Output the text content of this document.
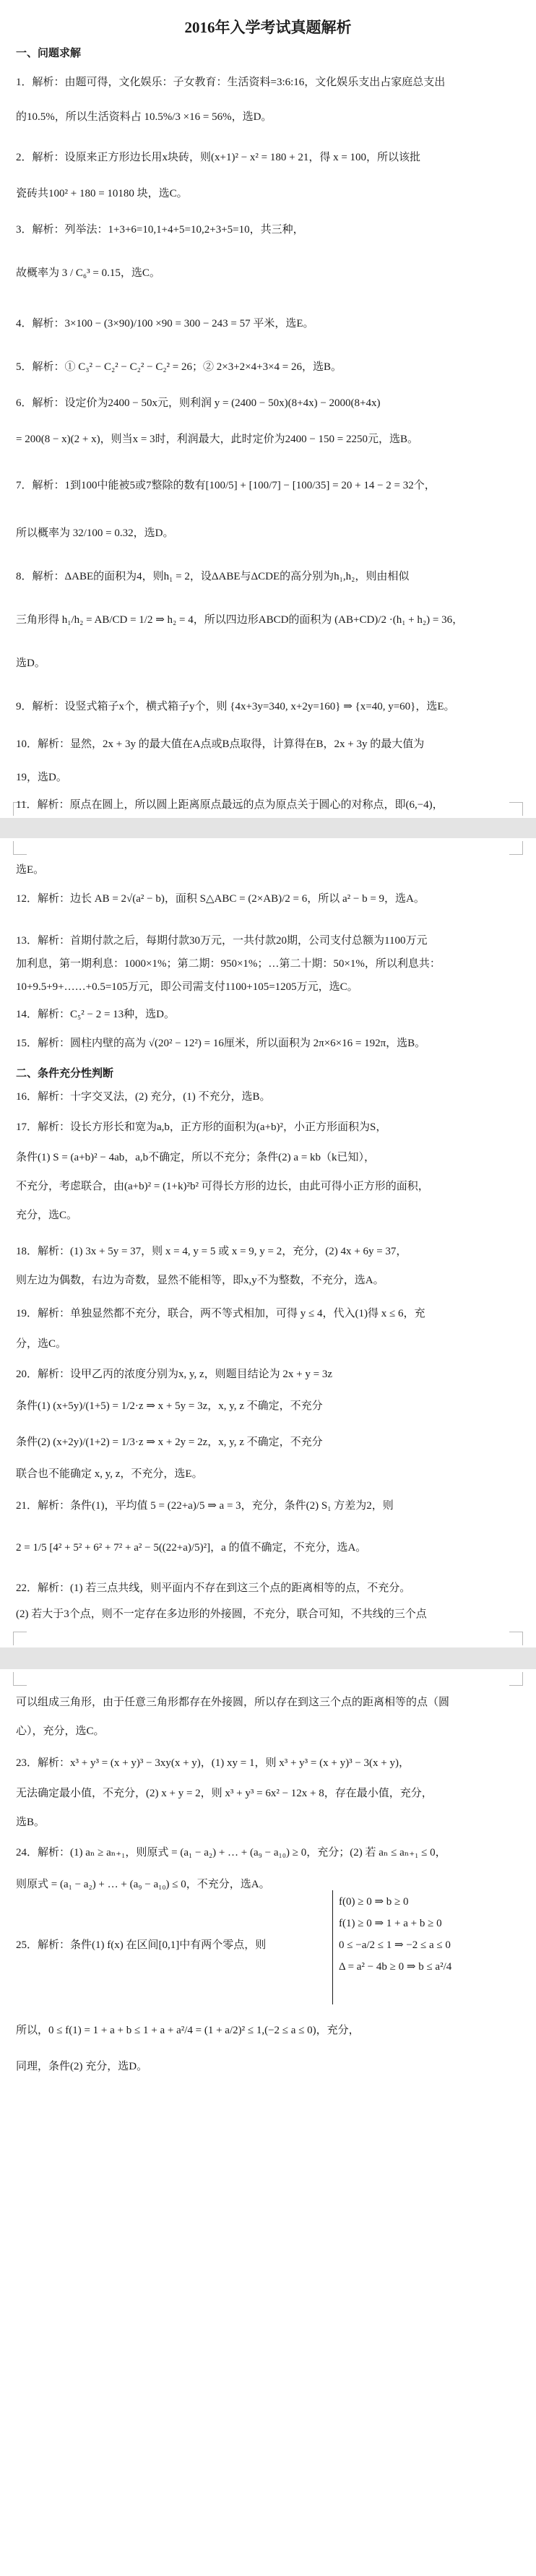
2016年入学考试真题解析
一、问题求解
1．解析：由题可得，文化娱乐：子女教育：生活资料=3:6:16，文化娱乐支出占家庭总支出
的10.5%，所以生活资料占 10.5%/3 ×16 = 56%，选D。
2．解析：设原来正方形边长用x块砖，则(x+1)² − x² = 180 + 21，得 x = 100，所以该批
瓷砖共100² + 180 = 10180 块，选C。
3．解析：列举法：1+3+6=10,1+4+5=10,2+3+5=10，共三种，
故概率为 3 / C₆³ = 0.15，选C。
4．解析：3×100 − (3×90)/100 ×90 = 300 − 243 = 57 平米，选E。
5．解析：① C₃² − C₂² − C₂² − C₂² = 26；② 2×3+2×4+3×4 = 26，选B。
6．解析：设定价为2400 − 50x元，则利润 y = (2400 − 50x)(8+4x) − 2000(8+4x)
= 200(8 − x)(2 + x)，则当x = 3时，利润最大，此时定价为2400 − 150 = 2250元，选B。
7．解析：1到100中能被5或7整除的数有[100/5] + [100/7] − [100/35] = 20 + 14 − 2 = 32个，
所以概率为 32/100 = 0.32，选D。
8．解析：ΔABE的面积为4，则h₁ = 2，设ΔABE与ΔCDE的高分别为h₁,h₂，则由相似
三角形得 h₁/h₂ = AB/CD = 1/2 ⇒ h₂ = 4，所以四边形ABCD的面积为 (AB+CD)/2 ·(h₁ + h₂) = 36，
选D。
9．解析：设竖式箱子x个，横式箱子y个，则 {4x+3y=340, x+2y=160} ⇒ {x=40, y=60}，选E。
10．解析：显然，2x + 3y 的最大值在A点或B点取得，计算得在B，2x + 3y 的最大值为
19，选D。
11．解析：原点在圆上，所以圆上距离原点最远的点为原点关于圆心的对称点，即(6,−4)，
选E。
12．解析：边长 AB = 2√(a² − b)，面积 S△ABC = (2×AB)/2 = 6，所以 a² − b = 9，选A。
13．解析：首期付款之后，每期付款30万元，一共付款20期，公司支付总额为1100万元
加利息，第一期利息：1000×1%；第二期：950×1%；…第二十期：50×1%，所以利息共：
10+9.5+9+……+0.5=105万元，即公司需支付1100+105=1205万元，选C。
14．解析：C₅² − 2 = 13种，选D。
15．解析：圆柱内壁的高为 √(20² − 12²) = 16厘米，所以面积为 2π×6×16 = 192π，选B。
二、条件充分性判断
16．解析：十字交叉法，(2) 充分，(1) 不充分，选B。
17．解析：设长方形长和宽为a,b，正方形的面积为(a+b)²，小正方形面积为S，
条件(1) S = (a+b)² − 4ab，a,b不确定，所以不充分；条件(2) a = kb（k已知），
不充分，考虑联合，由(a+b)² = (1+k)²b² 可得长方形的边长，由此可得小正方形的面积，
充分，选C。
18．解析：(1) 3x + 5y = 37，则 x = 4, y = 5 或 x = 9, y = 2，充分，(2) 4x + 6y = 37，
则左边为偶数，右边为奇数，显然不能相等，即x,y不为整数，不充分，选A。
19．解析：单独显然都不充分，联合，两不等式相加，可得 y ≤ 4，代入(1)得 x ≤ 6，充
分，选C。
20．解析：设甲乙丙的浓度分别为x, y, z，则题目结论为 2x + y = 3z
条件(1) (x+5y)/(1+5) = 1/2·z ⇒ x + 5y = 3z，x, y, z 不确定，不充分
条件(2) (x+2y)/(1+2) = 1/3·z ⇒ x + 2y = 2z，x, y, z 不确定，不充分
联合也不能确定 x, y, z，不充分，选E。
21．解析：条件(1)，平均值 5 = (22+a)/5 ⇒ a = 3，充分，条件(2) S₁ 方差为2，则
2 = 1/5 [4² + 5² + 6² + 7² + a² − 5((22+a)/5)²]，a 的值不确定，不充分，选A。
22．解析：(1) 若三点共线，则平面内不存在到这三个点的距离相等的点，不充分。
(2) 若大于3个点，则不一定存在多边形的外接圆，不充分，联合可知，不共线的三个点
可以组成三角形，由于任意三角形都存在外接圆，所以存在到这三个点的距离相等的点（圆
心），充分，选C。
23．解析：x³ + y³ = (x + y)³ − 3xy(x + y)，(1) xy = 1，则 x³ + y³ = (x + y)³ − 3(x + y)，
无法确定最小值，不充分，(2) x + y = 2，则 x³ + y³ = 6x² − 12x + 8，存在最小值，充分，
选B。
24．解析：(1) aₙ ≥ aₙ₊₁，则原式 = (a₁ − a₂) + … + (a₉ − a₁₀) ≥ 0，充分；(2) 若 aₙ ≤ aₙ₊₁ ≤ 0，
则原式 = (a₁ − a₂) + … + (a₉ − a₁₀) ≤ 0，不充分，选A。
25．解析：条件(1) f(x) 在区间[0,1]中有两个零点，则
f(0) ≥ 0 ⇒ b ≥ 0
f(1) ≥ 0 ⇒ 1 + a + b ≥ 0
0 ≤ −a/2 ≤ 1 ⇒ −2 ≤ a ≤ 0
Δ = a² − 4b ≥ 0 ⇒ b ≤ a²/4
所以，0 ≤ f(1) = 1 + a + b ≤ 1 + a + a²/4 = (1 + a/2)² ≤ 1,(−2 ≤ a ≤ 0)，充分，
同理，条件(2) 充分，选D。
